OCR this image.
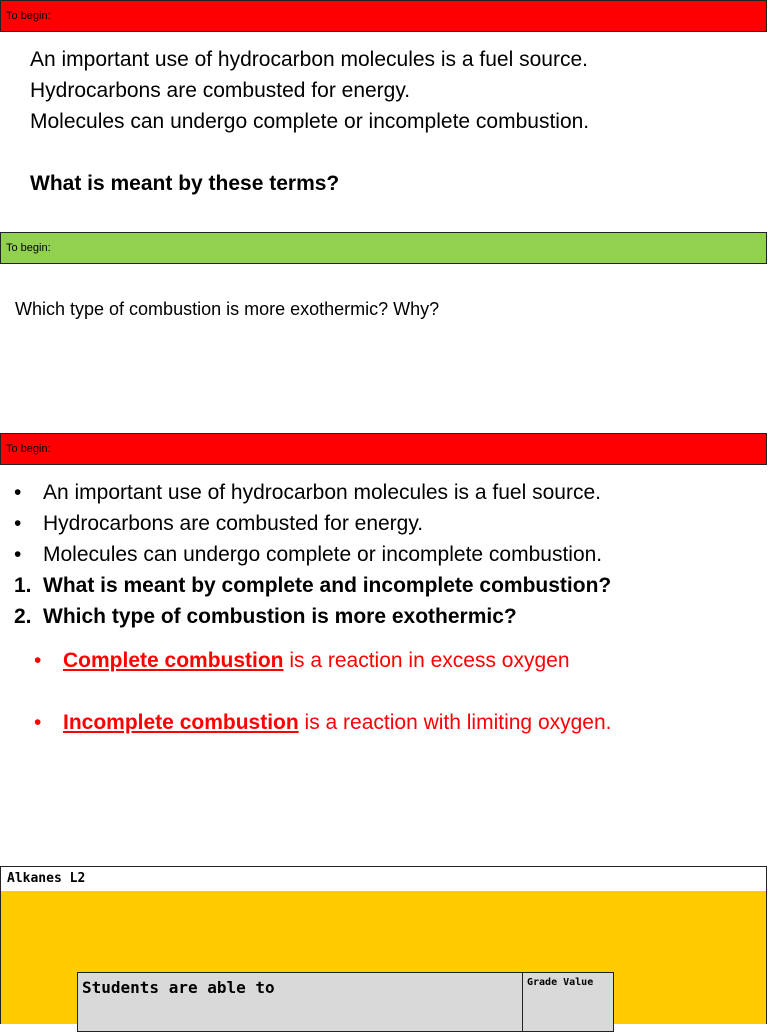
To begin:
An important use of hydrocarbon molecules is a fuel source.
Hydrocarbons are combusted for energy.
Molecules can undergo complete or incomplete combustion.
What is meant by these terms?
To begin:
Which type of combustion is more exothermic? Why?
To begin:
•	An important use of hydrocarbon molecules is a fuel source.
•	Hydrocarbons are combusted for energy.
•	Molecules can undergo complete or incomplete combustion.
1. What is meant by complete and incomplete combustion?
2. Which type of combustion is more exothermic?
•	Complete combustion is a reaction in excess oxygen
•	Incomplete combustion is a reaction with limiting oxygen.
Alkanes L2
Students are able to	Grade Value
